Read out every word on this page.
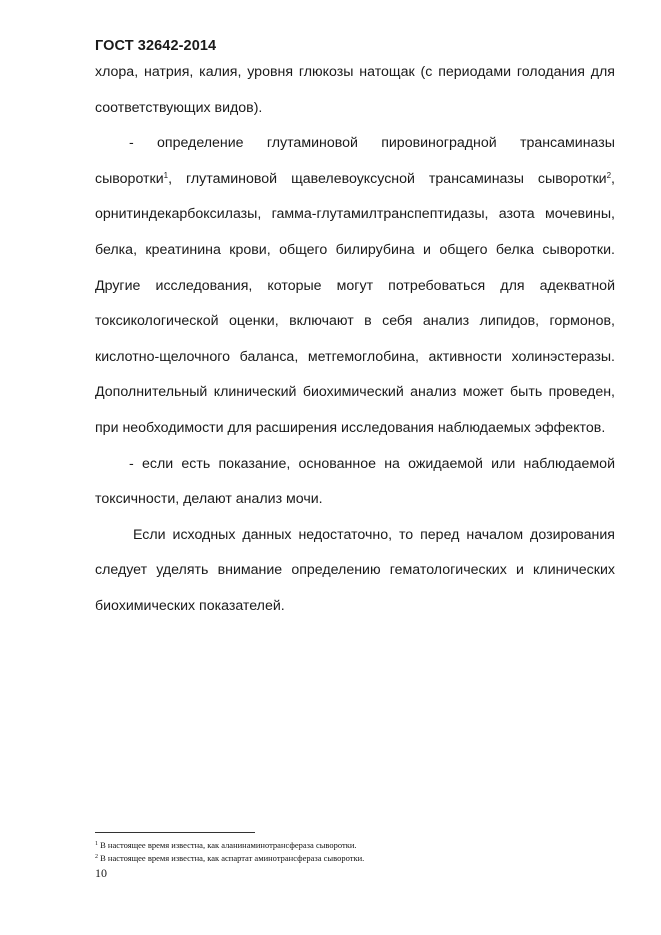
ГОСТ 32642-2014

хлора, натрия, калия, уровня глюкозы натощак (с периодами голодания для соответствующих видов).

- определение глутаминовой пировиноградной трансаминазы сыворотки$^1$, глутаминовой щавелевоуксусной трансаминазы сыворотки$^2$, орнитиндекарбоксилазы, гамма-глутамилтранспептидазы, азота мочевины, белка, креатинина крови, общего билирубина и общего белка сыворотки. Другие исследования, которые могут потребоваться для адекватной токсикологической оценки, включают в себя анализ липидов, гормонов, кислотно-щелочного баланса, метгемоглобина, активности холинэстеразы. Дополнительный клинический биохимический анализ может быть проведен, при необходимости для расширения исследования наблюдаемых эффектов.

- если есть показание, основанное на ожидаемой или наблюдаемой токсичности, делают анализ мочи.

Если исходных данных недостаточно, то перед началом дозирования следует уделять внимание определению гематологических и клинических биохимических показателей.

$^1$ В настоящее время известна, как аланинаминотрансфераза сыворотки.
$^2$ В настоящее время известна, как аспартат аминотрансфераза сыворотки.
10
